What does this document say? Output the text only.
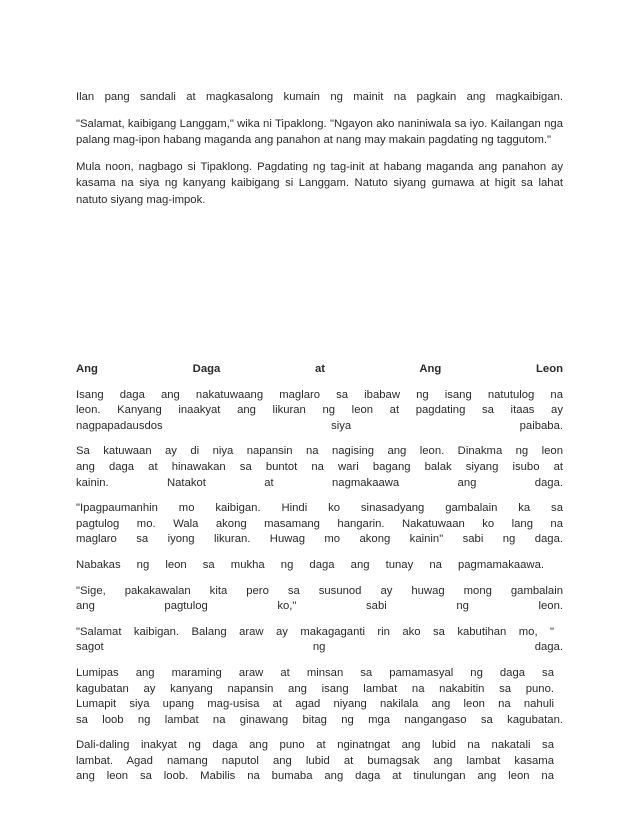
Ilan pang sandali at magkasalong kumain ng mainit na pagkain ang magkaibigan.

"Salamat, kaibigang Langgam," wika ni Tipaklong. "Ngayon ako naniniwala sa iyo. Kailangan nga palang mag-ipon habang maganda ang panahon at nang may makain pagdating ng taggutom."

Mula noon, nagbago si Tipaklong. Pagdating ng tag-init at habang maganda ang panahon ay kasama na siya ng kanyang kaibigang si Langgam. Natuto siyang gumawa at higit sa lahat natuto siyang mag-impok.

Ang Daga at Ang Leon
Isang daga ang nakatuwaang maglaro sa ibabaw ng isang natutulog na
leon. Kanyang inaakyat ang likuran ng leon at pagdating sa itaas ay
nagpapadausdos siya paibaba.
Sa katuwaan ay di niya napansin na nagising ang leon. Dinakma ng leon
ang daga at hinawakan sa buntot na wari bagang balak siyang isubo at
kainin. Natakot at nagmakaawa ang daga.
"Ipagpaumanhin mo kaibigan. Hindi ko sinasadyang gambalain ka sa
pagtulog mo. Wala akong masamang hangarin. Nakatuwaan ko lang na
maglaro sa iyong likuran. Huwag mo akong kainin" sabi ng daga.
Nabakas ng leon sa mukha ng daga ang tunay na pagmamakaawa.
"Sige, pakakawalan kita pero sa susunod ay huwag mong gambalain
ang pagtulog ko," sabi ng leon.
"Salamat kaibigan. Balang araw ay makagaganti rin ako sa kabutihan mo, "
sagot ng daga.
Lumipas ang maraming araw at minsan sa pamamasyal ng daga sa
kagubatan ay kanyang napansin ang isang lambat na nakabitin sa puno.
Lumapit siya upang mag-usisa at agad niyang nakilala ang leon na nahuli
sa loob ng lambat na ginawang bitag ng mga nangangaso sa kagubatan.
Dali-daling inakyat ng daga ang puno at nginatngat ang lubid na nakatali sa
lambat. Agad namang naputol ang lubid at bumagsak ang lambat kasama
ang leon sa loob. Mabilis na bumaba ang daga at tinulungan ang leon na
